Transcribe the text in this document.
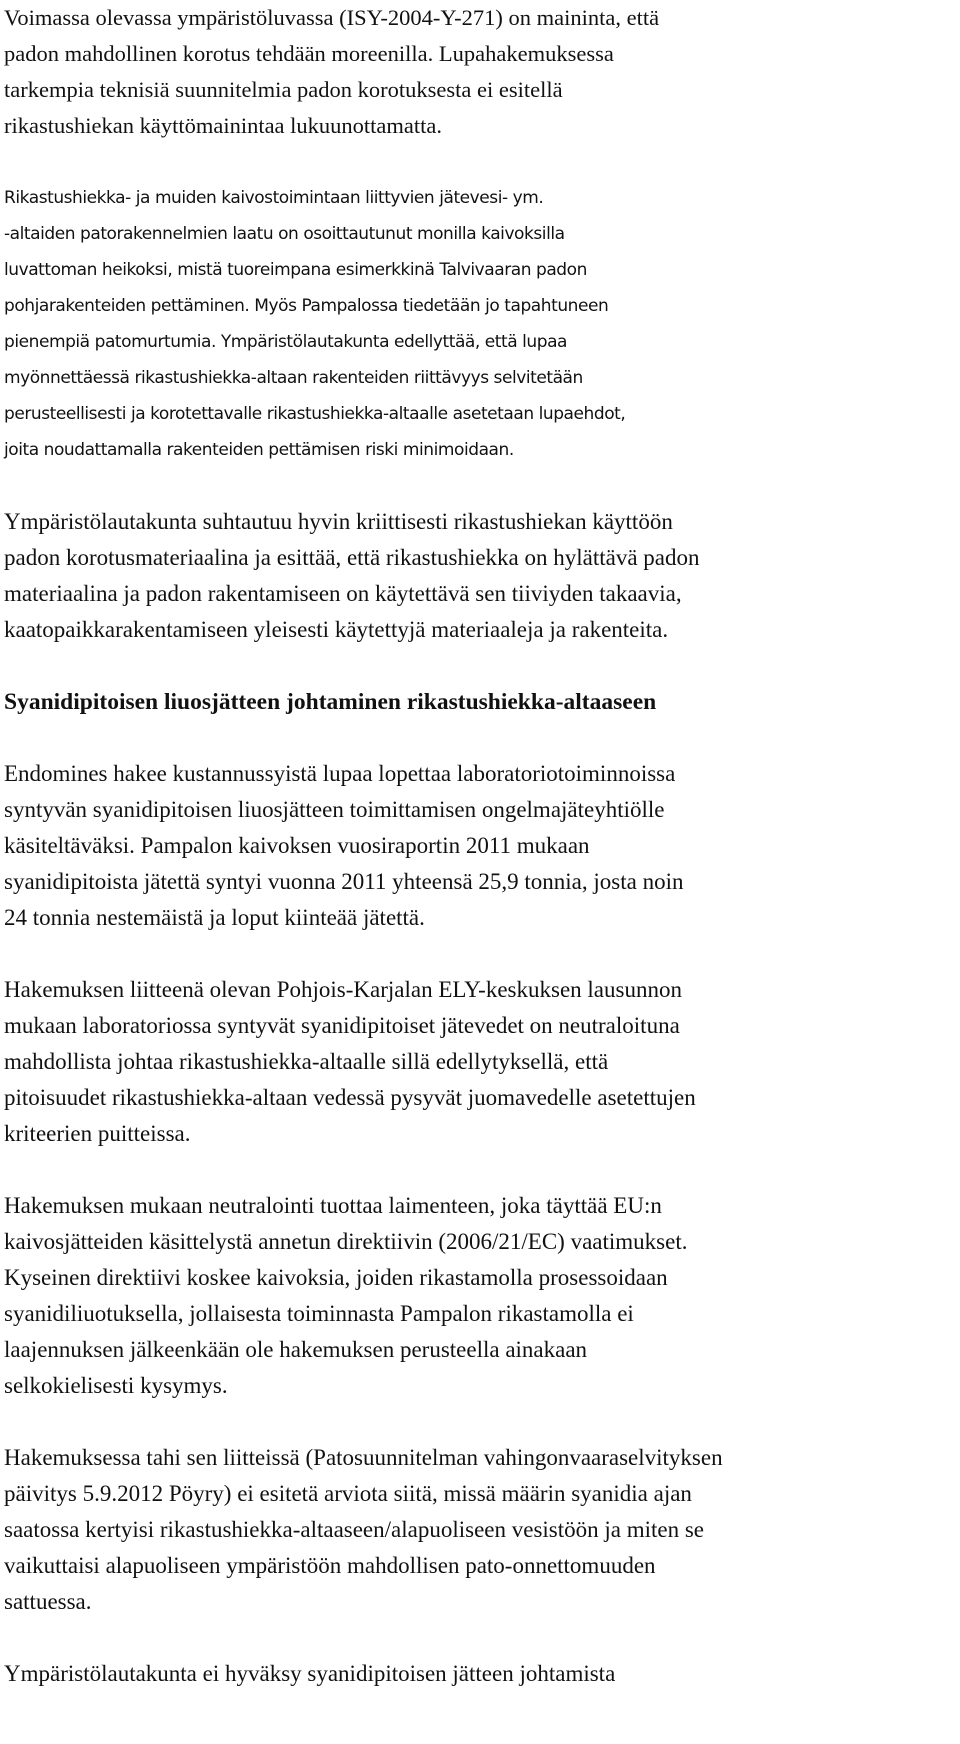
Voimassa olevassa ympäristöluvassa (ISY-2004-Y-271) on maininta, että

padon mahdollinen korotus tehdään moreenilla. Lupahakemuksessa

tarkempia teknisiä suunnitelmia padon korotuksesta ei esitellä

rikastushiekan käyttömainintaa lukuunottamatta.

Rikastushiekka- ja muiden kaivostoimintaan liittyvien jätevesi- ym.

-altaiden patorakennelmien laatu on osoittautunut monilla kaivoksilla

luvattoman heikoksi, mistä tuoreimpana esimerkkinä Talvivaaran padon

pohjarakenteiden pettäminen. Myös Pampalossa tiedetään jo tapahtuneen

pienempiä patomurtumia. Ympäristölautakunta edellyttää, että lupaa

myönnettäessä rikastushiekka-altaan rakenteiden riittävyys selvitetään

perusteellisesti ja korotettavalle rikastushiekka-altaalle asetetaan lupaehdot,

joita noudattamalla rakenteiden pettämisen riski minimoidaan.

Ympäristölautakunta suhtautuu hyvin kriittisesti rikastushiekan käyttöön

padon korotusmateriaalina ja esittää, että rikastushiekka on hylättävä padon

materiaalina ja padon rakentamiseen on käytettävä sen tiiviyden takaavia,

kaatopaikkarakentamiseen yleisesti käytettyjä materiaaleja ja rakenteita.

Syanidipitoisen liuosjätteen johtaminen rikastushiekka-altaaseen

Endomines hakee kustannussyistä lupaa lopettaa laboratoriotoiminnoissa

syntyvän syanidipitoisen liuosjätteen toimittamisen ongelmajäteyhtiölle

käsiteltäväksi. Pampalon kaivoksen vuosiraportin 2011 mukaan

syanidipitoista jätettä syntyi vuonna 2011 yhteensä 25,9 tonnia, josta noin

24 tonnia nestemäistä ja loput kiinteää jätettä.

Hakemuksen liitteenä olevan Pohjois-Karjalan ELY-keskuksen lausunnon

mukaan laboratoriossa syntyvät syanidipitoiset jätevedet on neutraloituna

mahdollista johtaa rikastushiekka-altaalle sillä edellytyksellä, että

pitoisuudet rikastushiekka-altaan vedessä pysyvät juomavedelle asetettujen

kriteerien puitteissa.

Hakemuksen mukaan neutralointi tuottaa laimenteen, joka täyttää EU:n

kaivosjätteiden käsittelystä annetun direktiivin (2006/21/EC) vaatimukset.

Kyseinen direktiivi koskee kaivoksia, joiden rikastamolla prosessoidaan

syanidiliuotuksella, jollaisesta toiminnasta Pampalon rikastamolla ei

laajennuksen jälkeenkään ole hakemuksen perusteella ainakaan

selkokielisesti kysymys.

Hakemuksessa tahi sen liitteissä (Patosuunnitelman vahingonvaaraselvityksen

päivitys 5.9.2012 Pöyry) ei esitetä arviota siitä, missä määrin syanidia ajan

saatossa kertyisi rikastushiekka-altaaseen/alapuoliseen vesistöön ja miten se

vaikuttaisi alapuoliseen ympäristöön mahdollisen pato-onnettomuuden

sattuessa.

Ympäristölautakunta ei hyväksy syanidipitoisen jätteen johtamista
